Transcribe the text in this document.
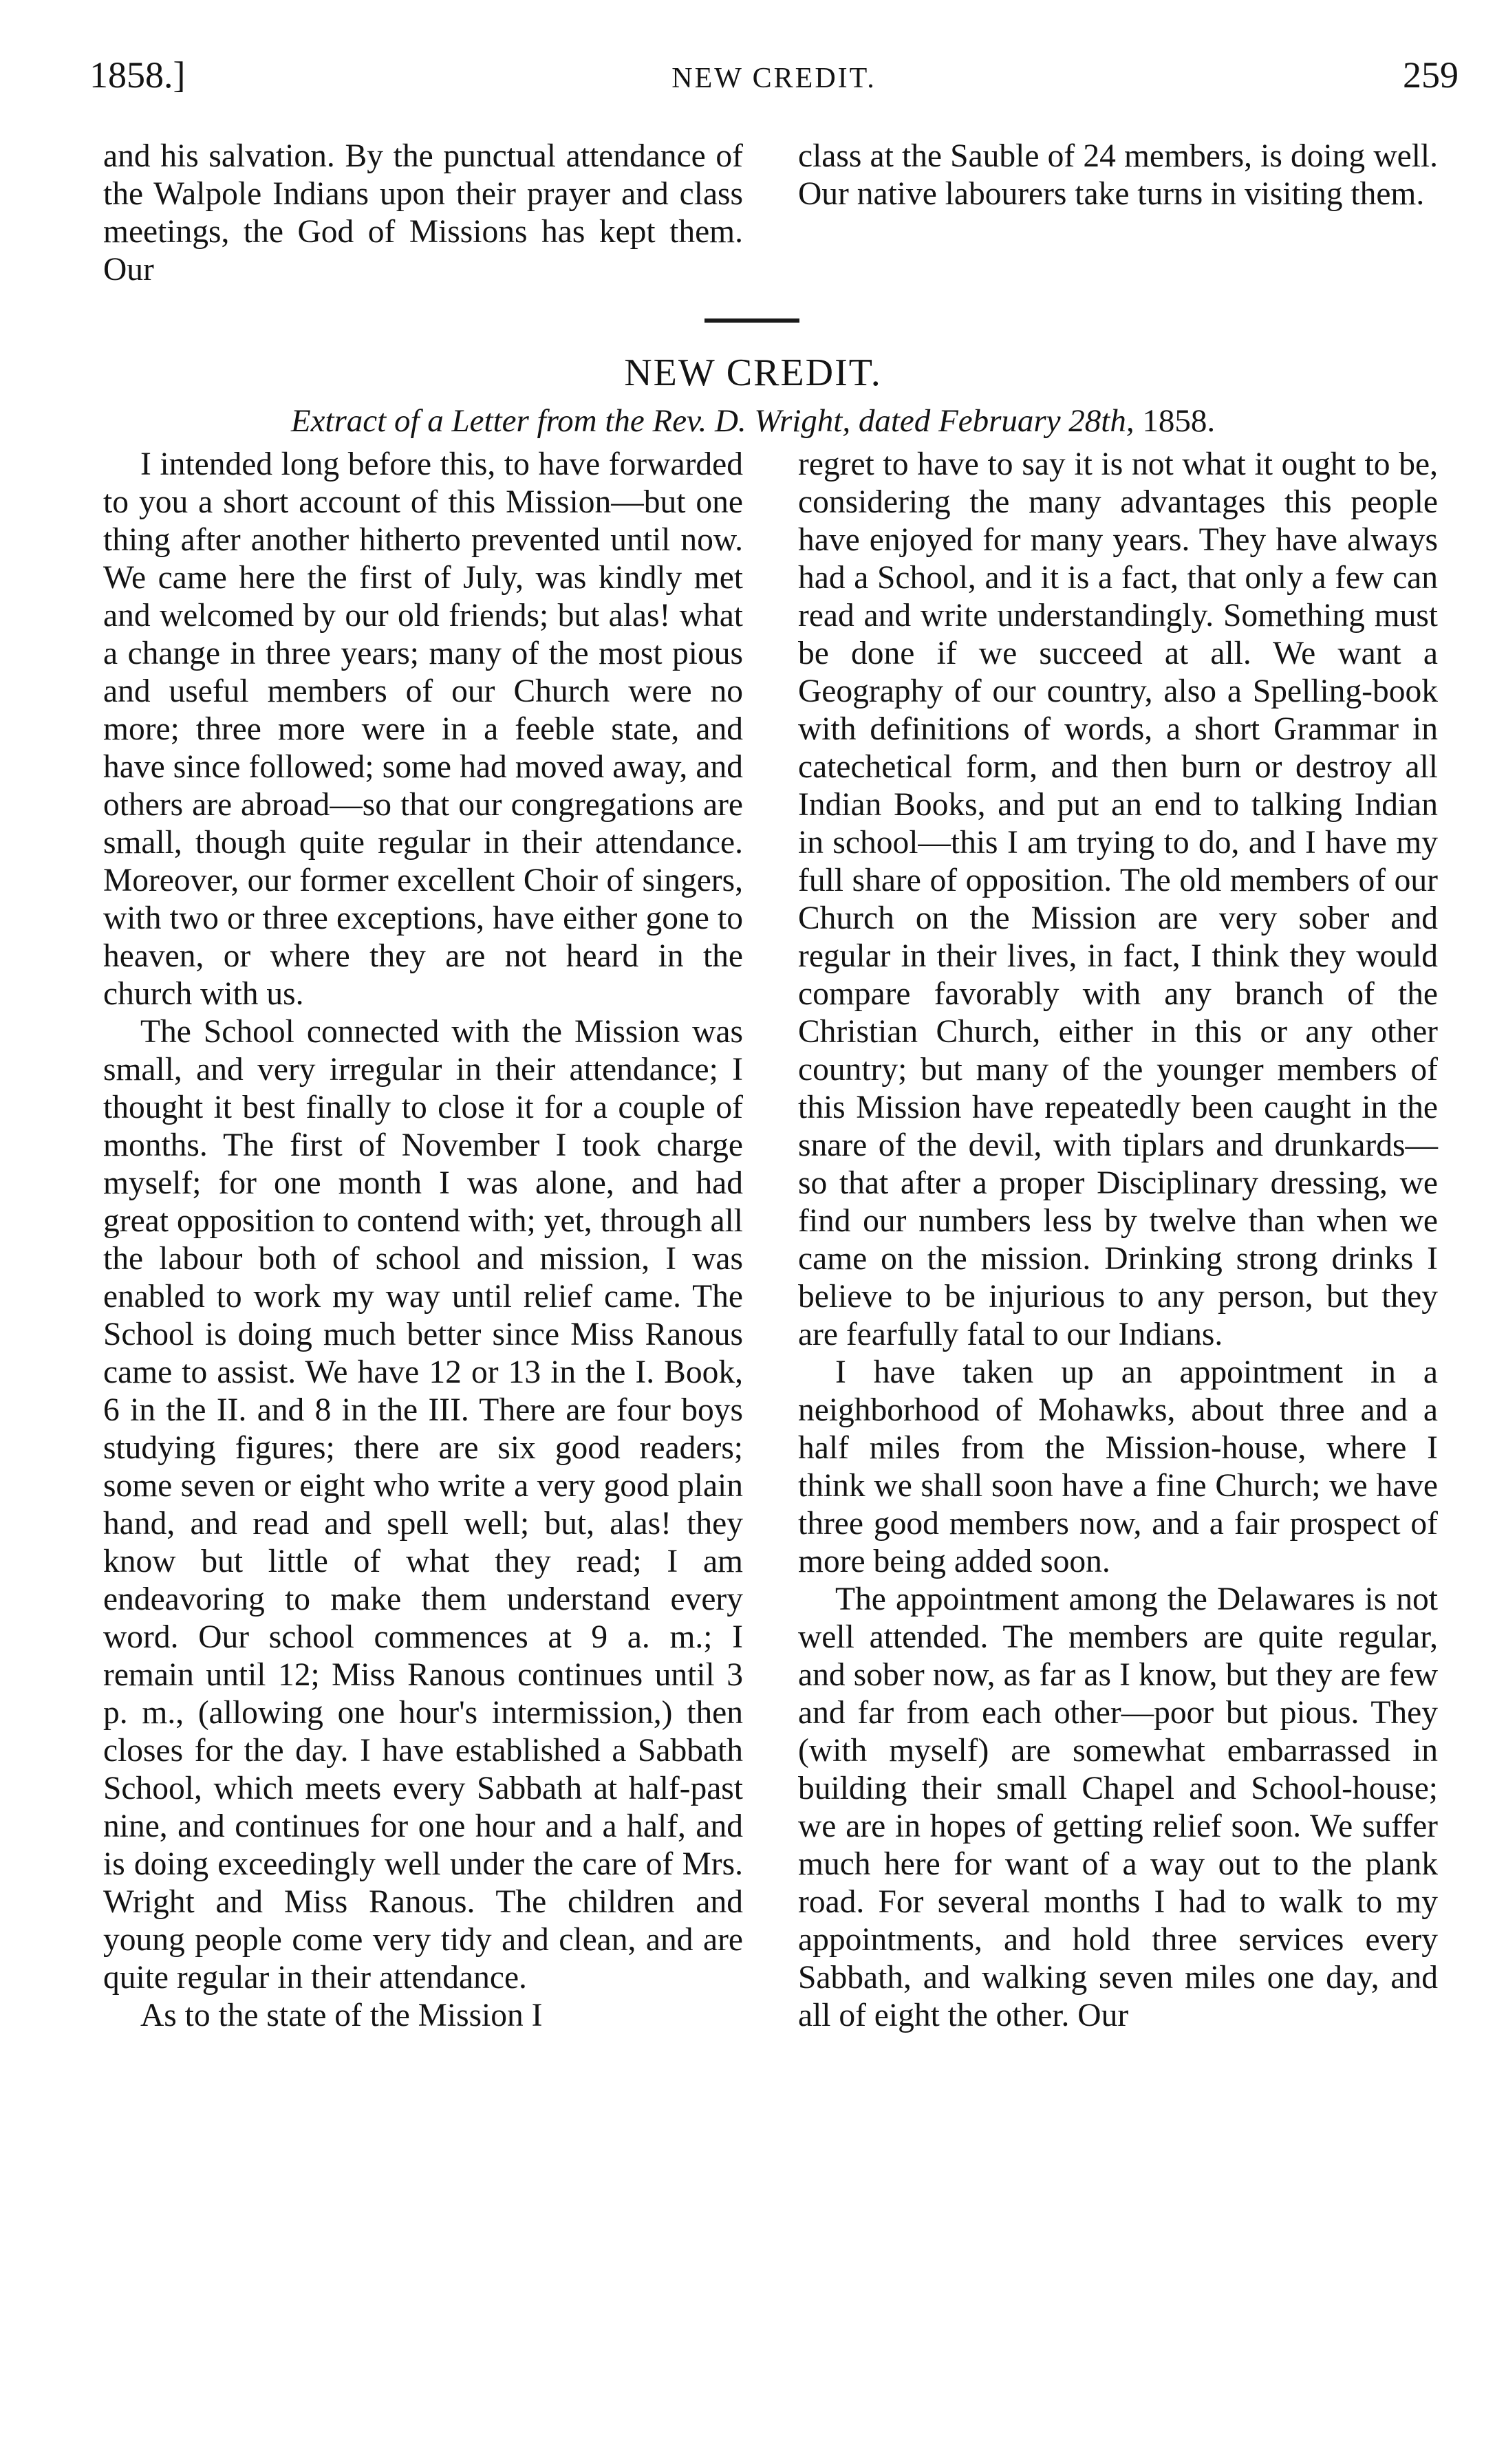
1858.]	NEW CREDIT.	259

and his salvation. By the punctual attendance of the Walpole Indians upon their prayer and class meetings, the God of Missions has kept them. Our

class at the Sauble of 24 members, is doing well. Our native labourers take turns in visiting them.

NEW CREDIT.
Extract of a Letter from the Rev. D. Wright, dated February 28th, 1858.

I intended long before this, to have forwarded to you a short account of this Mission—but one thing after another hitherto prevented until now. We came here the first of July, was kindly met and welcomed by our old friends; but alas! what a change in three years; many of the most pious and useful members of our Church were no more; three more were in a feeble state, and have since followed; some had moved away, and others are abroad—so that our congregations are small, though quite regular in their attendance. Moreover, our former excellent Choir of singers, with two or three exceptions, have either gone to heaven, or where they are not heard in the church with us.

The School connected with the Mission was small, and very irregular in their attendance; I thought it best finally to close it for a couple of months. The first of November I took charge myself; for one month I was alone, and had great opposition to contend with; yet, through all the labour both of school and mission, I was enabled to work my way until relief came. The School is doing much better since Miss Ranous came to assist. We have 12 or 13 in the I. Book, 6 in the II. and 8 in the III. There are four boys studying figures; there are six good readers; some seven or eight who write a very good plain hand, and read and spell well; but, alas! they know but little of what they read; I am endeavoring to make them understand every word. Our school commences at 9 a. m.; I remain until 12; Miss Ranous continues until 3 p. m., (allowing one hour's intermission,) then closes for the day. I have established a Sabbath School, which meets every Sabbath at half-past nine, and continues for one hour and a half, and is doing exceedingly well under the care of Mrs. Wright and Miss Ranous. The children and young people come very tidy and clean, and are quite regular in their attendance.

As to the state of the Mission I

regret to have to say it is not what it ought to be, considering the many advantages this people have enjoyed for many years. They have always had a School, and it is a fact, that only a few can read and write understandingly. Something must be done if we succeed at all. We want a Geography of our country, also a Spelling-book with definitions of words, a short Grammar in catechetical form, and then burn or destroy all Indian Books, and put an end to talking Indian in school—this I am trying to do, and I have my full share of opposition. The old members of our Church on the Mission are very sober and regular in their lives, in fact, I think they would compare favorably with any branch of the Christian Church, either in this or any other country; but many of the younger members of this Mission have repeatedly been caught in the snare of the devil, with tiplars and drunkards—so that after a proper Disciplinary dressing, we find our numbers less by twelve than when we came on the mission. Drinking strong drinks I believe to be injurious to any person, but they are fearfully fatal to our Indians.

I have taken up an appointment in a neighborhood of Mohawks, about three and a half miles from the Mission-house, where I think we shall soon have a fine Church; we have three good members now, and a fair prospect of more being added soon.

The appointment among the Delawares is not well attended. The members are quite regular, and sober now, as far as I know, but they are few and far from each other—poor but pious. They (with myself) are somewhat embarrassed in building their small Chapel and School-house; we are in hopes of getting relief soon. We suffer much here for want of a way out to the plank road. For several months I had to walk to my appointments, and hold three services every Sabbath, and walking seven miles one day, and all of eight the other. Our
